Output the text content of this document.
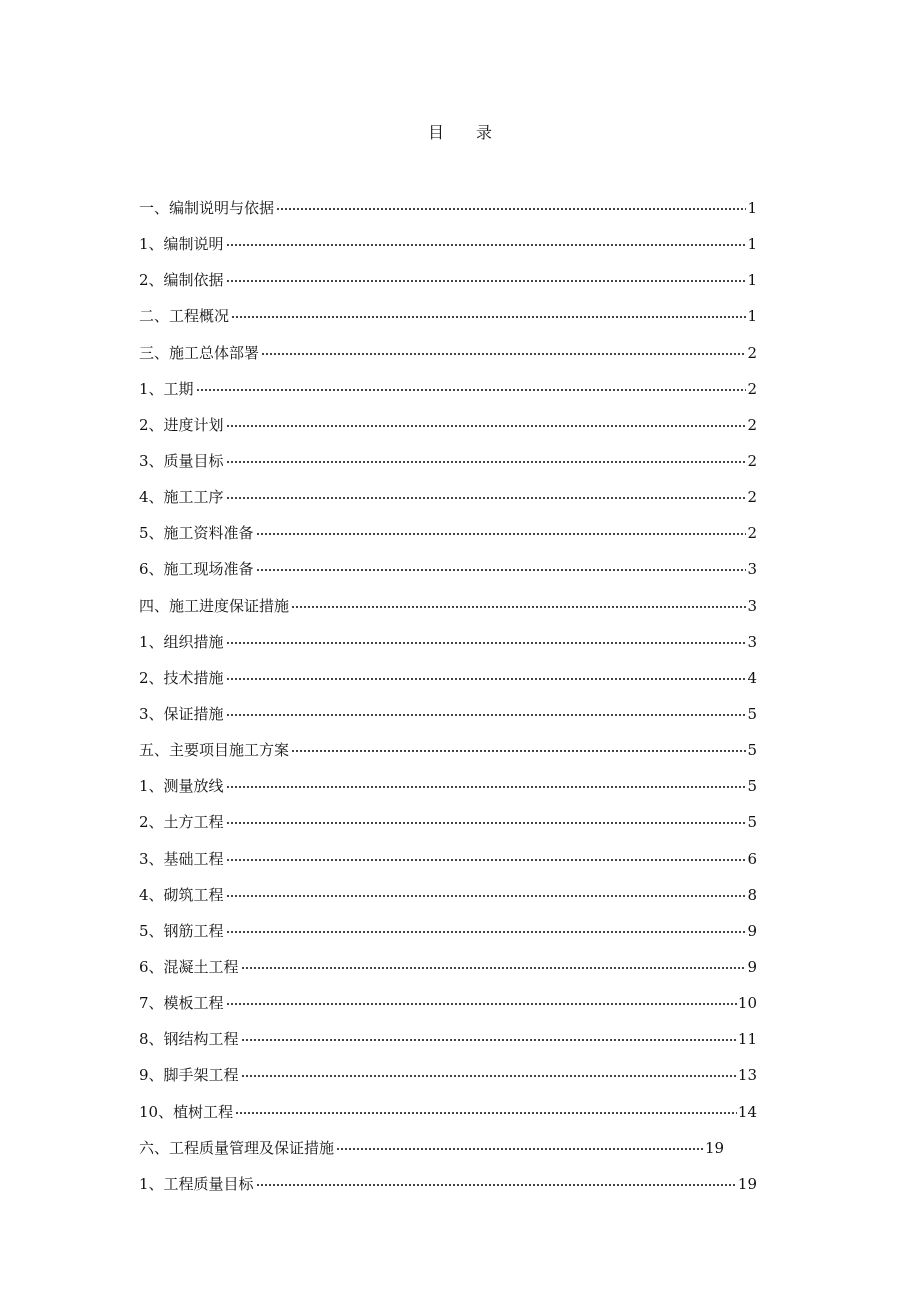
目 录
一、编制说明与依据	1
1、编制说明	1
2、编制依据	1
二、工程概况	1
三、施工总体部署	2
1、工期	2
2、进度计划	2
3、质量目标	2
4、施工工序	2
5、施工资料准备	2
6、施工现场准备	3
四、施工进度保证措施	3
1、组织措施	3
2、技术措施	4
3、保证措施	5
五、主要项目施工方案	5
1、测量放线	5
2、土方工程	5
3、基础工程	6
4、砌筑工程	8
5、钢筋工程	9
6、混凝土工程	9
7、模板工程	10
8、钢结构工程	11
9、脚手架工程	13
10、植树工程	14
六、工程质量管理及保证措施	19
1、工程质量目标	19
